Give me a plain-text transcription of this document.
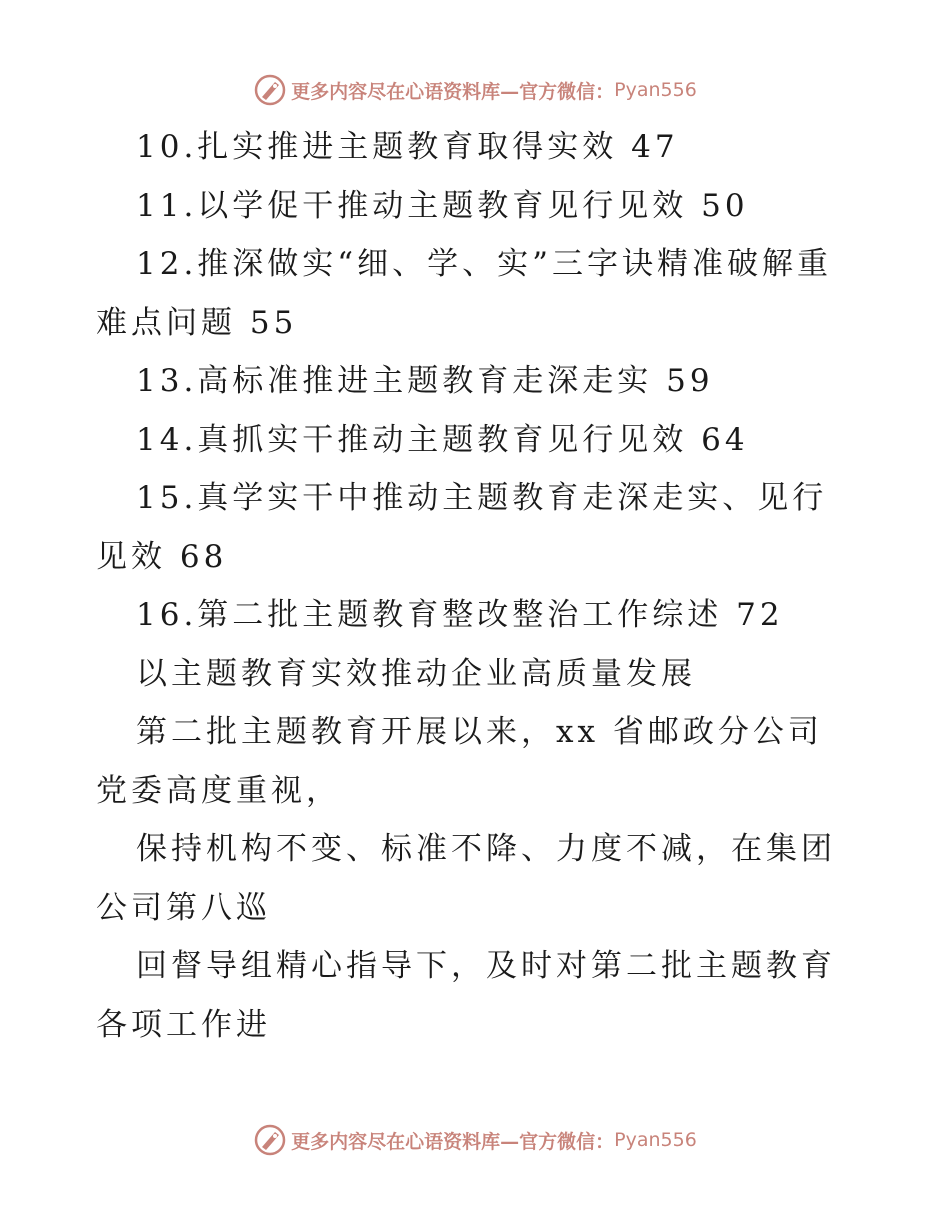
更多内容尽在心语资料库—官方微信： Pyan556

10.扎实推进主题教育取得实效 47

11.以学促干推动主题教育见行见效 50

12.推深做实“细、学、实”三字诀精准破解重难点问题 55

13.高标准推进主题教育走深走实 59

14.真抓实干推动主题教育见行见效 64

15.真学实干中推动主题教育走深走实、见行见效 68

16.第二批主题教育整改整治工作综述 72

以主题教育实效推动企业高质量发展

第二批主题教育开展以来，xx 省邮政分公司党委高度重视，

保持机构不变、标准不降、力度不减，在集团公司第八巡

回督导组精心指导下，及时对第二批主题教育各项工作进

更多内容尽在心语资料库—官方微信： Pyan556
